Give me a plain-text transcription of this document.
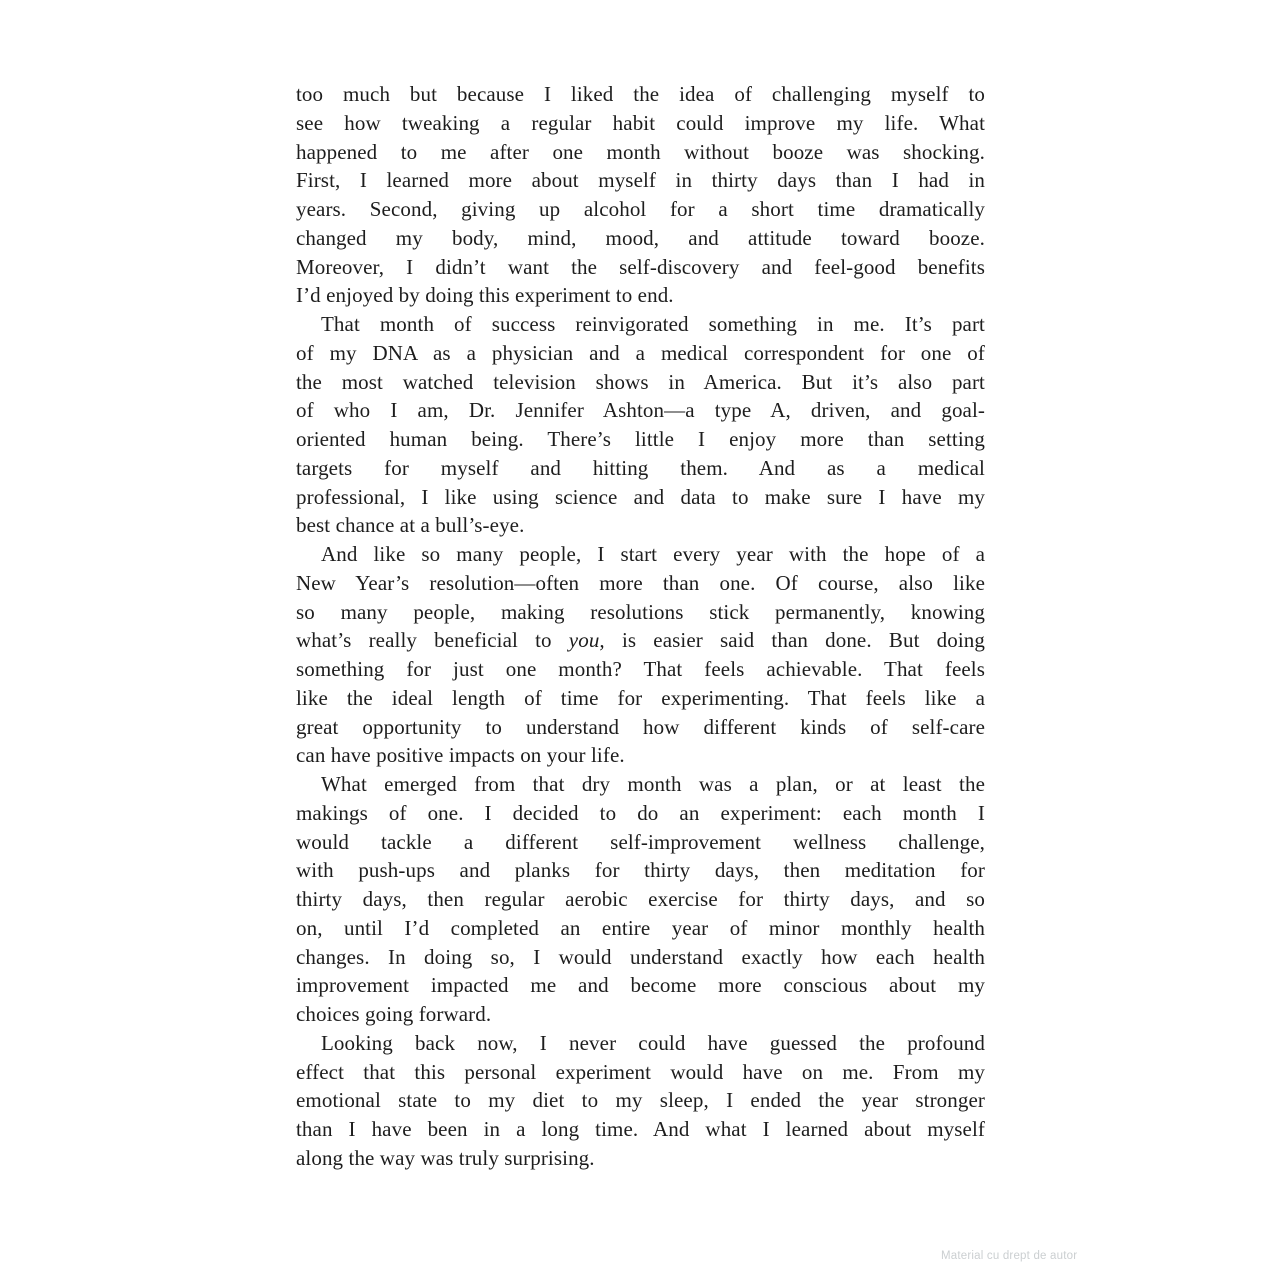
too much but because I liked the idea of challenging myself to
see how tweaking a regular habit could improve my life. What
happened to me after one month without booze was shocking.
First, I learned more about myself in thirty days than I had in
years. Second, giving up alcohol for a short time dramatically
changed my body, mind, mood, and attitude toward booze.
Moreover, I didn’t want the self-discovery and feel-good benefits
I’d enjoyed by doing this experiment to end.
That month of success reinvigorated something in me. It’s part
of my DNA as a physician and a medical correspondent for one of
the most watched television shows in America. But it’s also part
of who I am, Dr. Jennifer Ashton—a type A, driven, and goal-
oriented human being. There’s little I enjoy more than setting
targets for myself and hitting them. And as a medical
professional, I like using science and data to make sure I have my
best chance at a bull’s-eye.
And like so many people, I start every year with the hope of a
New Year’s resolution—often more than one. Of course, also like
so many people, making resolutions stick permanently, knowing
what’s really beneficial to you, is easier said than done. But doing
something for just one month? That feels achievable. That feels
like the ideal length of time for experimenting. That feels like a
great opportunity to understand how different kinds of self-care
can have positive impacts on your life.
What emerged from that dry month was a plan, or at least the
makings of one. I decided to do an experiment: each month I
would tackle a different self-improvement wellness challenge,
with push-ups and planks for thirty days, then meditation for
thirty days, then regular aerobic exercise for thirty days, and so
on, until I’d completed an entire year of minor monthly health
changes. In doing so, I would understand exactly how each health
improvement impacted me and become more conscious about my
choices going forward.
Looking back now, I never could have guessed the profound
effect that this personal experiment would have on me. From my
emotional state to my diet to my sleep, I ended the year stronger
than I have been in a long time. And what I learned about myself
along the way was truly surprising.
Material cu drept de autor
